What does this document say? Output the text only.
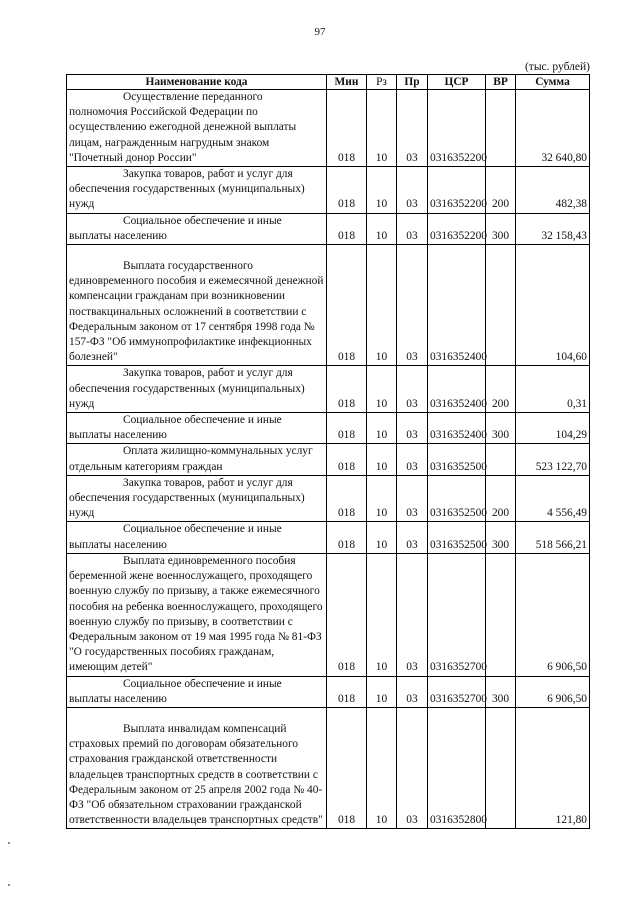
97
(тыс. рублей)
Наименование кода	Мин	Рз	Пр	ЦСР	ВР	Сумма

Осуществление переданного полномочия Российской Федерации по осуществлению ежегодной денежной выплаты лицам, награжденным нагрудным знаком "Почетный донор России"	018	10	03	0316352200		32 640,80

Закупка товаров, работ и услуг для обеспечения государственных (муниципальных) нужд	018	10	03	0316352200	200	482,38

Социальное обеспечение и иные выплаты населению	018	10	03	0316352200	300	32 158,43

Выплата государственного единовременного пособия и ежемесячной денежной компенсации гражданам при возникновении поствакцинальных осложнений в соответствии с Федеральным законом от 17 сентября 1998 года № 157-ФЗ "Об иммунопрофилактике инфекционных болезней"	018	10	03	0316352400		104,60

Закупка товаров, работ и услуг для обеспечения государственных (муниципальных) нужд	018	10	03	0316352400	200	0,31

Социальное обеспечение и иные выплаты населению	018	10	03	0316352400	300	104,29

Оплата жилищно-коммунальных услуг отдельным категориям граждан	018	10	03	0316352500		523 122,70

Закупка товаров, работ и услуг для обеспечения государственных (муниципальных) нужд	018	10	03	0316352500	200	4 556,49

Социальное обеспечение и иные выплаты населению	018	10	03	0316352500	300	518 566,21

Выплата единовременного пособия беременной жене военнослужащего, проходящего военную службу по призыву, а также ежемесячного пособия на ребенка военнослужащего, проходящего военную службу по призыву, в соответствии с Федеральным законом от 19 мая 1995 года № 81-ФЗ "О государственных пособиях гражданам, имеющим детей"	018	10	03	0316352700		6 906,50

Социальное обеспечение и иные выплаты населению	018	10	03	0316352700	300	6 906,50

Выплата инвалидам компенсаций страховых премий по договорам обязательного страхования гражданской ответственности владельцев транспортных средств в соответствии с Федеральным законом от 25 апреля 2002 года № 40-ФЗ "Об обязательном страховании гражданской ответственности владельцев транспортных средств"	018	10	03	0316352800		121,80
